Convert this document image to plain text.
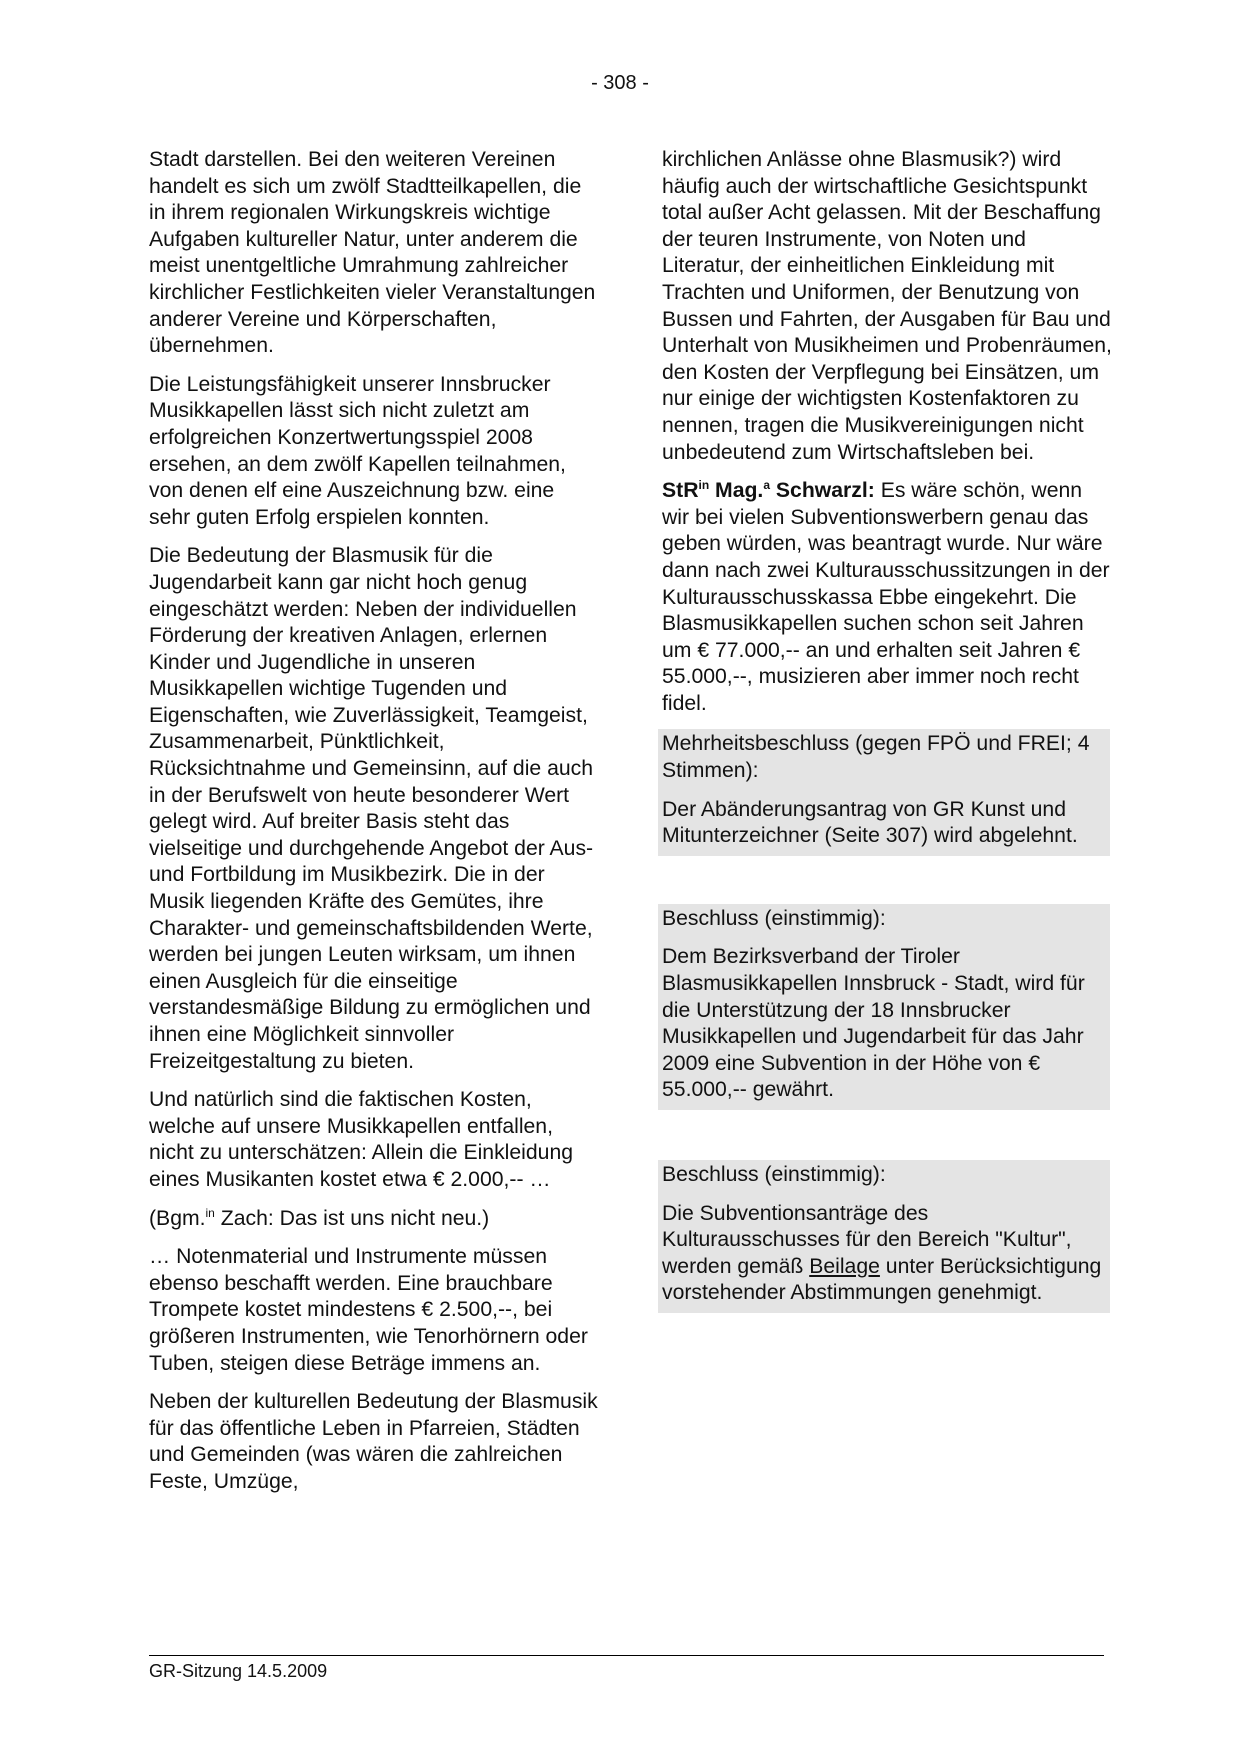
- 308 -

Stadt darstellen. Bei den weiteren Vereinen handelt es sich um zwölf Stadtteilkapellen, die in ihrem regionalen Wirkungskreis wichtige Aufgaben kultureller Natur, unter anderem die meist unentgeltliche Umrahmung zahlreicher kirchlicher Festlichkeiten vieler Veranstaltungen anderer Vereine und Körperschaften, übernehmen.

Die Leistungsfähigkeit unserer Innsbrucker Musikkapellen lässt sich nicht zuletzt am erfolgreichen Konzertwertungsspiel 2008 ersehen, an dem zwölf Kapellen teilnahmen, von denen elf eine Auszeichnung bzw. eine sehr guten Erfolg erspielen konnten.

Die Bedeutung der Blasmusik für die Jugendarbeit kann gar nicht hoch genug eingeschätzt werden: Neben der individuellen Förderung der kreativen Anlagen, erlernen Kinder und Jugendliche in unseren Musikkapellen wichtige Tugenden und Eigenschaften, wie Zuverlässigkeit, Teamgeist, Zusammenarbeit, Pünktlichkeit, Rücksichtnahme und Gemeinsinn, auf die auch in der Berufswelt von heute besonderer Wert gelegt wird. Auf breiter Basis steht das vielseitige und durchgehende Angebot der Aus- und Fortbildung im Musikbezirk. Die in der Musik liegenden Kräfte des Gemütes, ihre Charakter- und gemeinschaftsbildenden Werte, werden bei jungen Leuten wirksam, um ihnen einen Ausgleich für die einseitige verstandesmäßige Bildung zu ermöglichen und ihnen eine Möglichkeit sinnvoller Freizeitgestaltung zu bieten.

Und natürlich sind die faktischen Kosten, welche auf unsere Musikkapellen entfallen, nicht zu unterschätzen: Allein die Einkleidung eines Musikanten kostet etwa € 2.000,-- …

(Bgm.$^{in}$ Zach: Das ist uns nicht neu.)

… Notenmaterial und Instrumente müssen ebenso beschafft werden. Eine brauchbare Trompete kostet mindestens € 2.500,--, bei größeren Instrumenten, wie Tenorhörnern oder Tuben, steigen diese Beträge immens an.

Neben der kulturellen Bedeutung der Blasmusik für das öffentliche Leben in Pfarreien, Städten und Gemeinden (was wären die zahlreichen Feste, Umzüge,

kirchlichen Anlässe ohne Blasmusik?) wird häufig auch der wirtschaftliche Gesichtspunkt total außer Acht gelassen. Mit der Beschaffung der teuren Instrumente, von Noten und Literatur, der einheitlichen Einkleidung mit Trachten und Uniformen, der Benutzung von Bussen und Fahrten, der Ausgaben für Bau und Unterhalt von Musikheimen und Probenräumen, den Kosten der Verpflegung bei Einsätzen, um nur einige der wichtigsten Kostenfaktoren zu nennen, tragen die Musikvereinigungen nicht unbedeutend zum Wirtschaftsleben bei.

StR$^{in}$ Mag.$^a$ Schwarzl: Es wäre schön, wenn wir bei vielen Subventionswerbern genau das geben würden, was beantragt wurde. Nur wäre dann nach zwei Kulturausschussitzungen in der Kulturausschusskassa Ebbe eingekehrt. Die Blasmusikkapellen suchen schon seit Jahren um € 77.000,-- an und erhalten seit Jahren € 55.000,--, musizieren aber immer noch recht fidel.

Mehrheitsbeschluss (gegen FPÖ und FREI; 4 Stimmen):

Der Abänderungsantrag von GR Kunst und Mitunterzeichner (Seite 307) wird abgelehnt.

Beschluss (einstimmig):

Dem Bezirksverband der Tiroler Blasmusikkapellen Innsbruck - Stadt, wird für die Unterstützung der 18 Innsbrucker Musikkapellen und Jugendarbeit für das Jahr 2009 eine Subvention in der Höhe von € 55.000,-- gewährt.

Beschluss (einstimmig):

Die Subventionsanträge des Kulturausschusses für den Bereich "Kultur", werden gemäß Beilage unter Berücksichtigung vorstehender Abstimmungen genehmigt.

GR-Sitzung 14.5.2009
